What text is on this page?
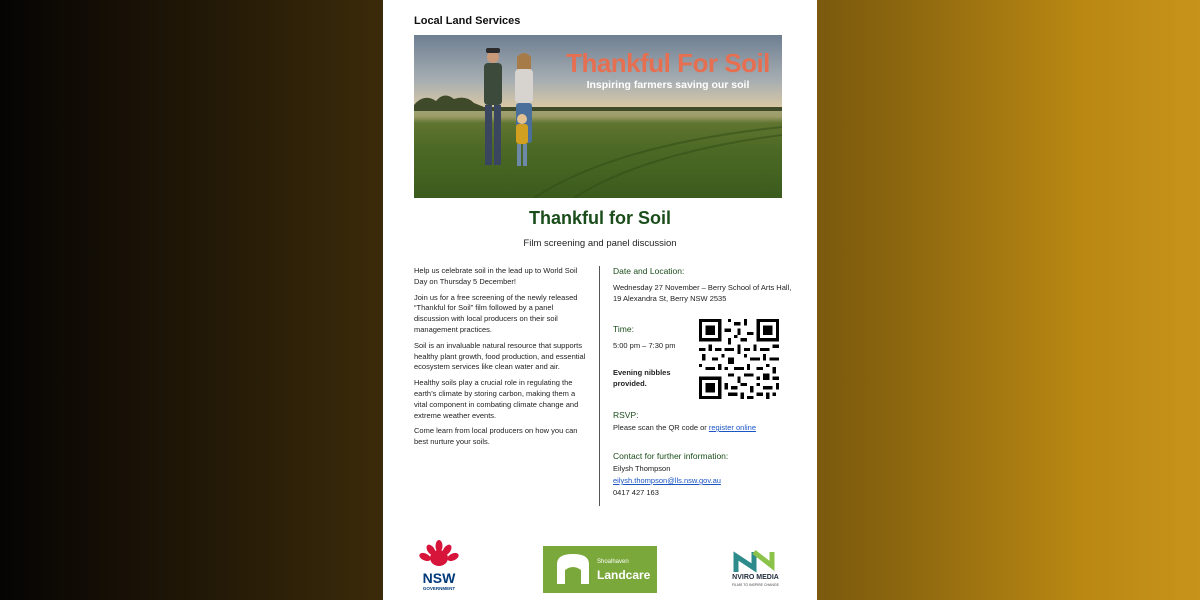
Local Land Services
Thankful For Soil
Inspiring farmers saving our soil
Thankful for Soil
Film screening and panel discussion

Help us celebrate soil in the lead up to World Soil Day on Thursday 5 December!

Join us for a free screening of the newly released “Thankful for Soil” film followed by a panel discussion with local producers on their soil management practices.

Soil is an invaluable natural resource that supports healthy plant growth, food production, and essential ecosystem services like clean water and air.

Healthy soils play a crucial role in regulating the earth’s climate by storing carbon, making them a vital component in combating climate change and extreme weather events.

Come learn from local producers on how you can best nurture your soils.

Date and Location:
Wednesday 27 November – Berry School of Arts Hall, 19 Alexandra St, Berry NSW 2535
Time:
5:00 pm – 7:30 pm
Evening nibbles provided.
RSVP:
Please scan the QR code or register online
Contact for further information:
Eilysh Thompson
eilysh.thompson@lls.nsw.gov.au
0417 427 163
NSW
GOVERNMENT
Shoalhaven
Landcare	NVIRO MEDIA
FILMS TO INSPIRE CHANGE
